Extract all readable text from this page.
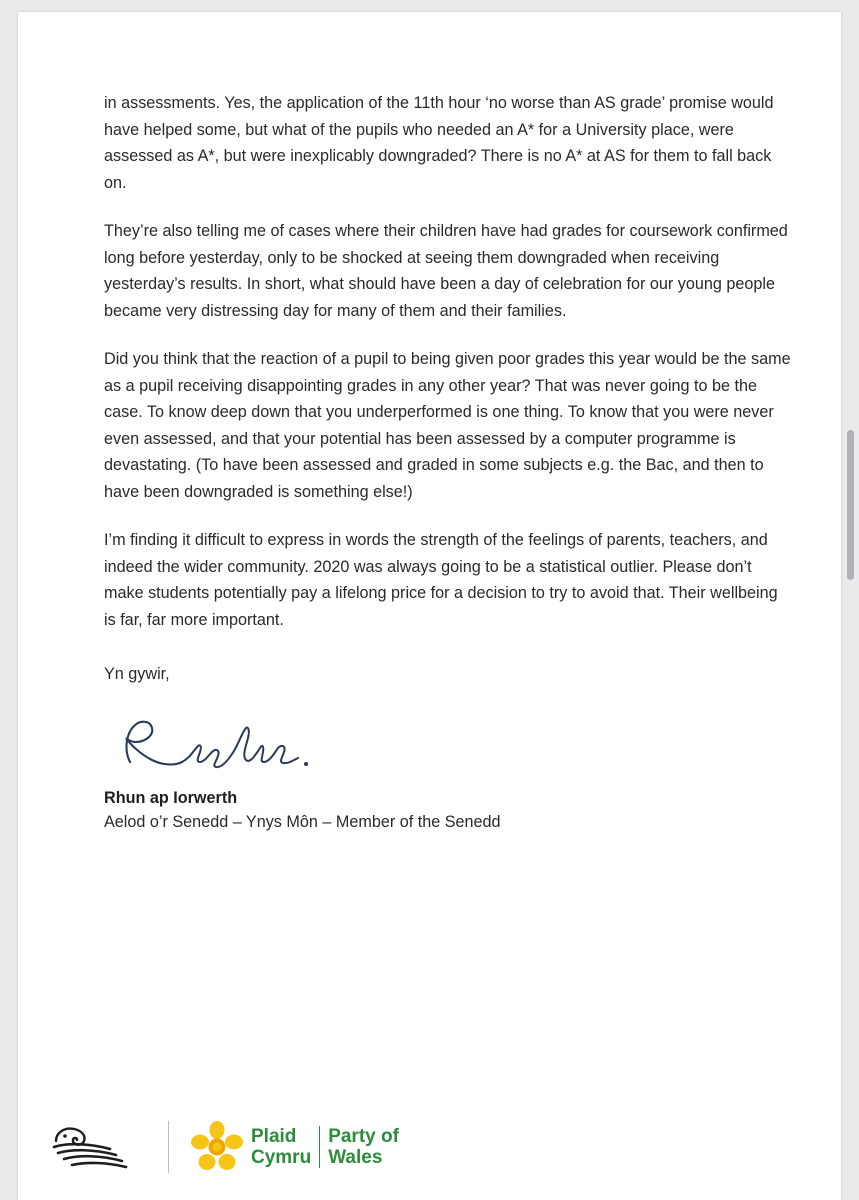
in assessments. Yes, the application of the 11th hour ‘no worse than AS grade’ promise would have helped some, but what of the pupils who needed an A* for a University place, were assessed as A*, but were inexplicably downgraded? There is no A* at AS for them to fall back on.

They’re also telling me of cases where their children have had grades for coursework confirmed long before yesterday, only to be shocked at seeing them downgraded when receiving yesterday’s results. In short, what should have been a day of celebration for our young people became very distressing day for many of them and their families.

Did you think that the reaction of a pupil to being given poor grades this year would be the same as a pupil receiving disappointing grades in any other year? That was never going to be the case. To know deep down that you underperformed is one thing. To know that you were never even assessed, and that your potential has been assessed by a computer programme is devastating. (To have been assessed and graded in some subjects e.g. the Bac, and then to have been downgraded is something else!)

I’m finding it difficult to express in words the strength of the feelings of parents, teachers, and indeed the wider community. 2020 was always going to be a statistical outlier. Please don’t make students potentially pay a lifelong price for a decision to try to avoid that. Their wellbeing is far, far more important.

Yn gywir,

Rhun ap Iorwerth
Aelod o’r Senedd – Ynys Môn – Member of the Senedd
Plaid
Cymru
Party of
Wales
